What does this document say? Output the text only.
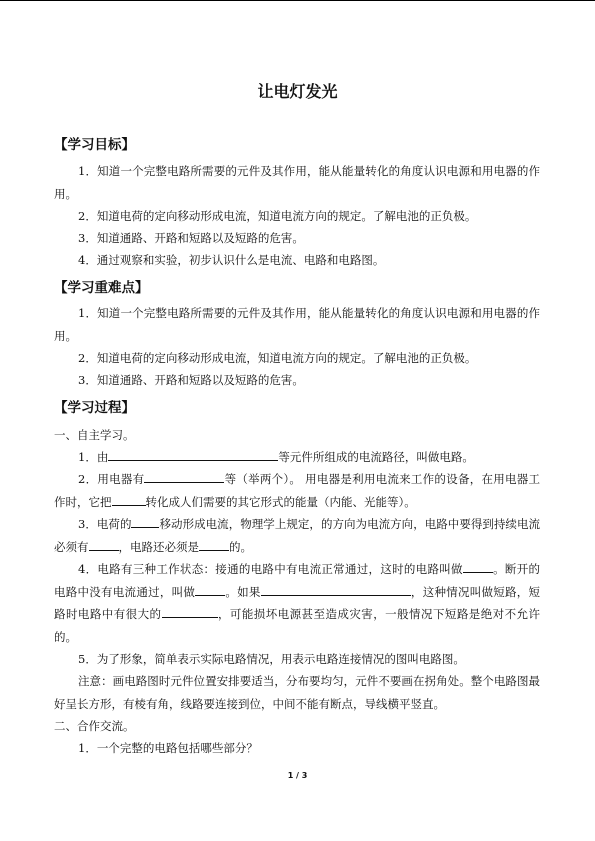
让电灯发光
【学习目标】

1．知道一个完整电路所需要的元件及其作用，能从能量转化的角度认识电源和用电器的作用。

2．知道电荷的定向移动形成电流，知道电流方向的规定。了解电池的正负极。

3．知道通路、开路和短路以及短路的危害。

4．通过观察和实验，初步认识什么是电流、电路和电路图。

【学习重难点】

1．知道一个完整电路所需要的元件及其作用，能从能量转化的角度认识电源和用电器的作用。

2．知道电荷的定向移动形成电流，知道电流方向的规定。了解电池的正负极。

3．知道通路、开路和短路以及短路的危害。

【学习过程】

一、自主学习。

1．由	等元件所组成的电流路径，叫做电路。

2．用电器有	等（举两个）。 用电器是利用电流来工作的设备，在用电器工作时，它把	转化成人们需要的其它形式的能量（内能、光能等）。

3．电荷的 移动形成电流，物理学上规定，的方向为电流方向，电路中要得到持续电流必须有	，电路还必须是	的。

4．电路有三种工作状态：接通的电路中有电流正常通过，这时的电路叫做	。断开的电路中没有电流通过，叫做	。如果	，这种情况叫做短路，短路时电路中有很大的	，可能损坏电源甚至造成灾害，一般情况下短路是绝对不允许的。

5．为了形象，简单表示实际电路情况，用表示电路连接情况的图叫电路图。

注意：画电路图时元件位置安排要适当，分布要均匀，元件不要画在拐角处。整个电路图最好呈长方形，有棱有角，线路要连接到位，中间不能有断点，导线横平竖直。

二、合作交流。

1．一个完整的电路包括哪些部分？

1 / 3
